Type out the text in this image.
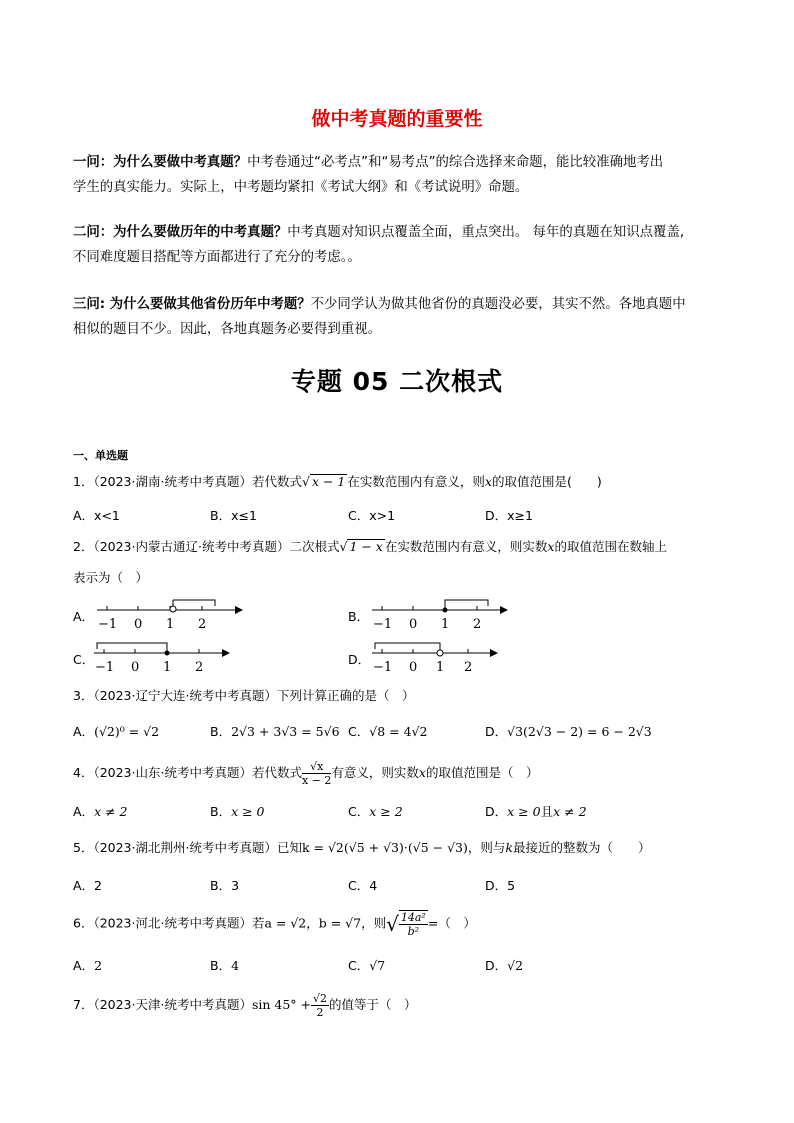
做中考真题的重要性
一问：为什么要做中考真题？中考卷通过“必考点”和“易考点”的综合选择来命题，能比较准确地考出
学生的真实能力。实际上，中考题均紧扣《考试大纲》和《考试说明》命题。
二问：为什么要做历年的中考真题？中考真题对知识点覆盖全面，重点突出。 每年的真题在知识点覆盖,
不同难度题目搭配等方面都进行了充分的考虑。。
三问: 为什么要做其他省份历年中考题？不少同学认为做其他省份的真题没必要，其实不然。各地真题中
相似的题目不少。因此，各地真题务必要得到重视。
专题 05 二次根式
一、单选题
1．（2023·湖南·统考中考真题）若代数式√ x − 1 在实数范围内有意义，则x的取值范围是(　　)
A．x<1	B．x≤1	C．x>1	D．x≥1
2．（2023·内蒙古通辽·统考中考真题）二次根式√ 1 − x 在实数范围内有意义，则实数x的取值范围在数轴上
表示为（　）
A．	B．
C．	D．
−1 0 1 2	−1 0 1 2
−1 0 1 2	−1 0 1 2
3．（2023·辽宁大连·统考中考真题）下列计算正确的是（　）
A．(√2)⁰ = √2	B．2√3 + 3√3 = 5√6 C．√8 = 4√2	D．√3(2√3 − 2) = 6 − 2√3
4．（2023·山东·统考中考真题）若代数式 $\frac{√x}{x - 2}$ 有意义，则实数x的取值范围是（　）
A．x ≠ 2	B．x ≥ 0	C．x ≥ 2	D．x ≥ 0且x ≠ 2
5．（2023·湖北荆州·统考中考真题）已知k = √2(√5 + √3)·(√5 − √3)，则与k最接近的整数为（　　）
A．2	B．3	C．4	D．5
6．（2023·河北·统考中考真题）若a = √2，b = √7，则√ $\frac{\text{14a²}}{\text{b²}}$ =（　）
A．2	B．4	C．√7	D．√2
7．（2023·天津·统考中考真题）sin $45^\circ + \frac{√2}{2}$ 的值等于（　）
